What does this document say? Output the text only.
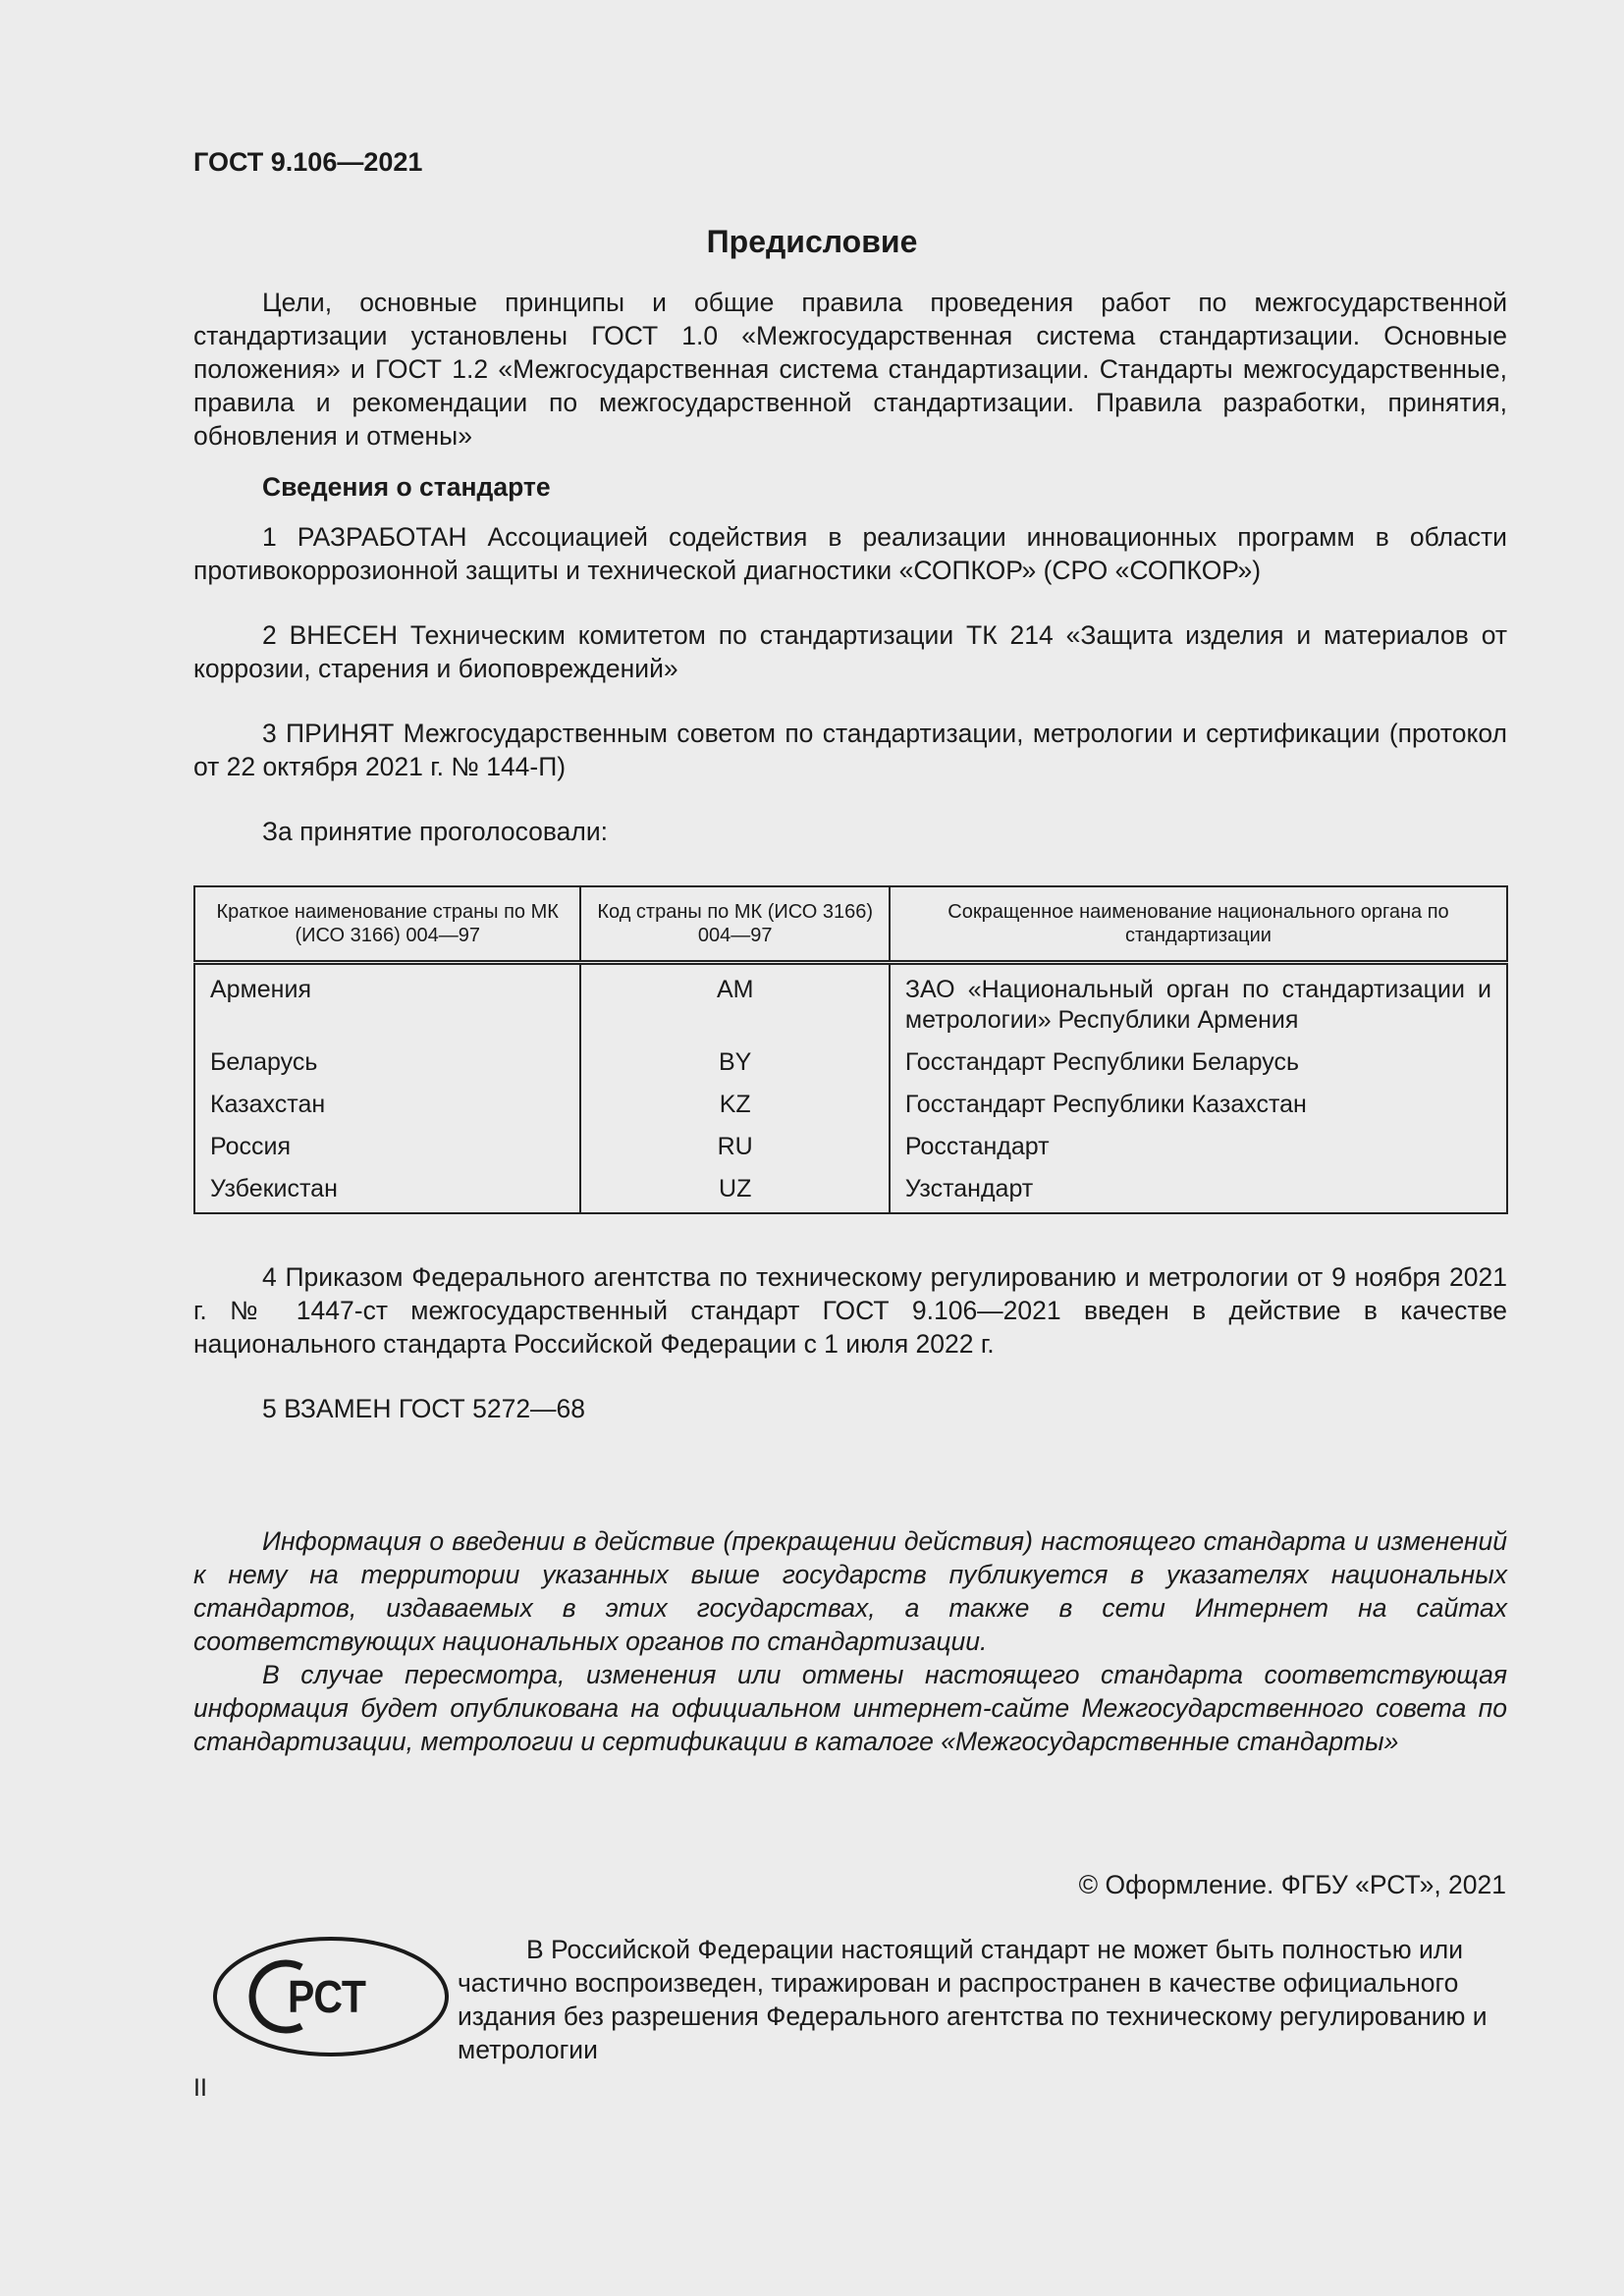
ГОСТ 9.106—2021
Предисловие
Цели, основные принципы и общие правила проведения работ по межгосударственной стандартизации установлены ГОСТ 1.0 «Межгосударственная система стандартизации. Основные положения» и ГОСТ 1.2 «Межгосударственная система стандартизации. Стандарты межгосударственные, правила и рекомендации по межгосударственной стандартизации. Правила разработки, принятия, обновления и отмены»
Сведения о стандарте
1 РАЗРАБОТАН Ассоциацией содействия в реализации инновационных программ в области противокоррозионной защиты и технической диагностики «СОПКОР» (СРО «СОПКОР»)
2 ВНЕСЕН Техническим комитетом по стандартизации ТК 214 «Защита изделия и материалов от коррозии, старения и биоповреждений»
3 ПРИНЯТ Межгосударственным советом по стандартизации, метрологии и сертификации (протокол от 22 октября 2021 г. № 144-П)
За принятие проголосовали:
Краткое наименование страны по МК (ИСО 3166) 004—97	Код страны по МК (ИСО 3166) 004—97	Сокращенное наименование национального органа по стандартизации
Армения	AM	ЗАО «Национальный орган по стандартизации и метрологии» Республики Армения
Беларусь	BY	Госстандарт Республики Беларусь
Казахстан	KZ	Госстандарт Республики Казахстан
Россия	RU	Росстандарт
Узбекистан	UZ	Узстандарт
4 Приказом Федерального агентства по техническому регулированию и метрологии от 9 ноября 2021 г. № 1447-ст межгосударственный стандарт ГОСТ 9.106—2021 введен в действие в качестве национального стандарта Российской Федерации с 1 июля 2022 г.
5 ВЗАМЕН ГОСТ 5272—68
Информация о введении в действие (прекращении действия) настоящего стандарта и изменений к нему на территории указанных выше государств публикуется в указателях национальных стандартов, издаваемых в этих государствах, а также в сети Интернет на сайтах соответствующих национальных органов по стандартизации.
В случае пересмотра, изменения или отмены настоящего стандарта соответствующая информация будет опубликована на официальном интернет-сайте Межгосударственного совета по стандартизации, метрологии и сертификации в каталоге «Межгосударственные стандарты»
© Оформление. ФГБУ «РСТ», 2021
РСТ
В Российской Федерации настоящий стандарт не может быть полностью или частично воспроизведен, тиражирован и распространен в качестве официального издания без разрешения Федерального агентства по техническому регулированию и метрологии
II
